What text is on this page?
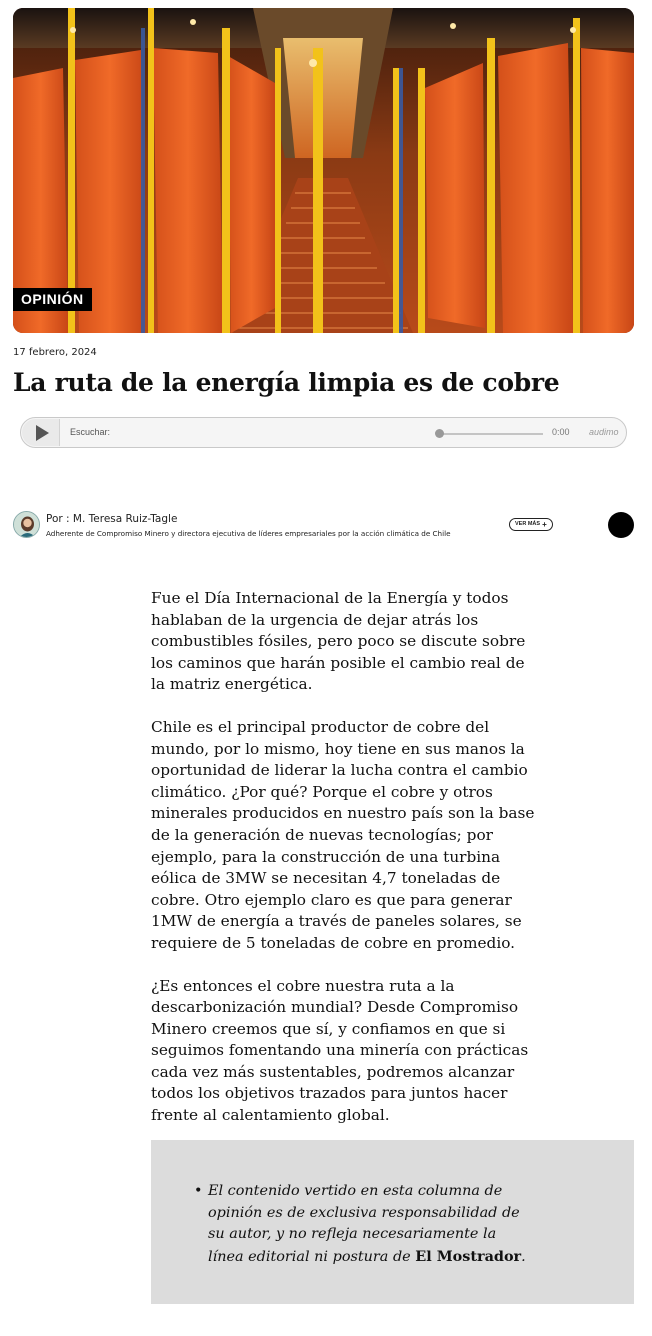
OPINIÓN
17 febrero, 2024
La ruta de la energía limpia es de cobre
Escuchar:	0:00 audimo
Por : M. Teresa Ruiz-Tagle
Adherente de Compromiso Minero y directora ejecutiva de líderes empresariales por la acción climática de Chile
VER MÁS +

Fue el Día Internacional de la Energía y todos hablaban de la urgencia de dejar atrás los combustibles fósiles, pero poco se discute sobre los caminos que harán posible el cambio real de la matriz energética.

Chile es el principal productor de cobre del mundo, por lo mismo, hoy tiene en sus manos la oportunidad de liderar la lucha contra el cambio climático. ¿Por qué? Porque el cobre y otros minerales producidos en nuestro país son la base de la generación de nuevas tecnologías; por ejemplo, para la construcción de una turbina eólica de 3MW se necesitan 4,7 toneladas de cobre. Otro ejemplo claro es que para generar 1MW de energía a través de paneles solares, se requiere de 5 toneladas de cobre en promedio.

¿Es entonces el cobre nuestra ruta a la descarbonización mundial? Desde Compromiso Minero creemos que sí, y confiamos en que si seguimos fomentando una minería con prácticas cada vez más sustentables, podremos alcanzar todos los objetivos trazados para juntos hacer frente al calentamiento global.

• El contenido vertido en esta columna de opinión es de exclusiva responsabilidad de su autor, y no refleja necesariamente la línea editorial ni postura de El Mostrador.
